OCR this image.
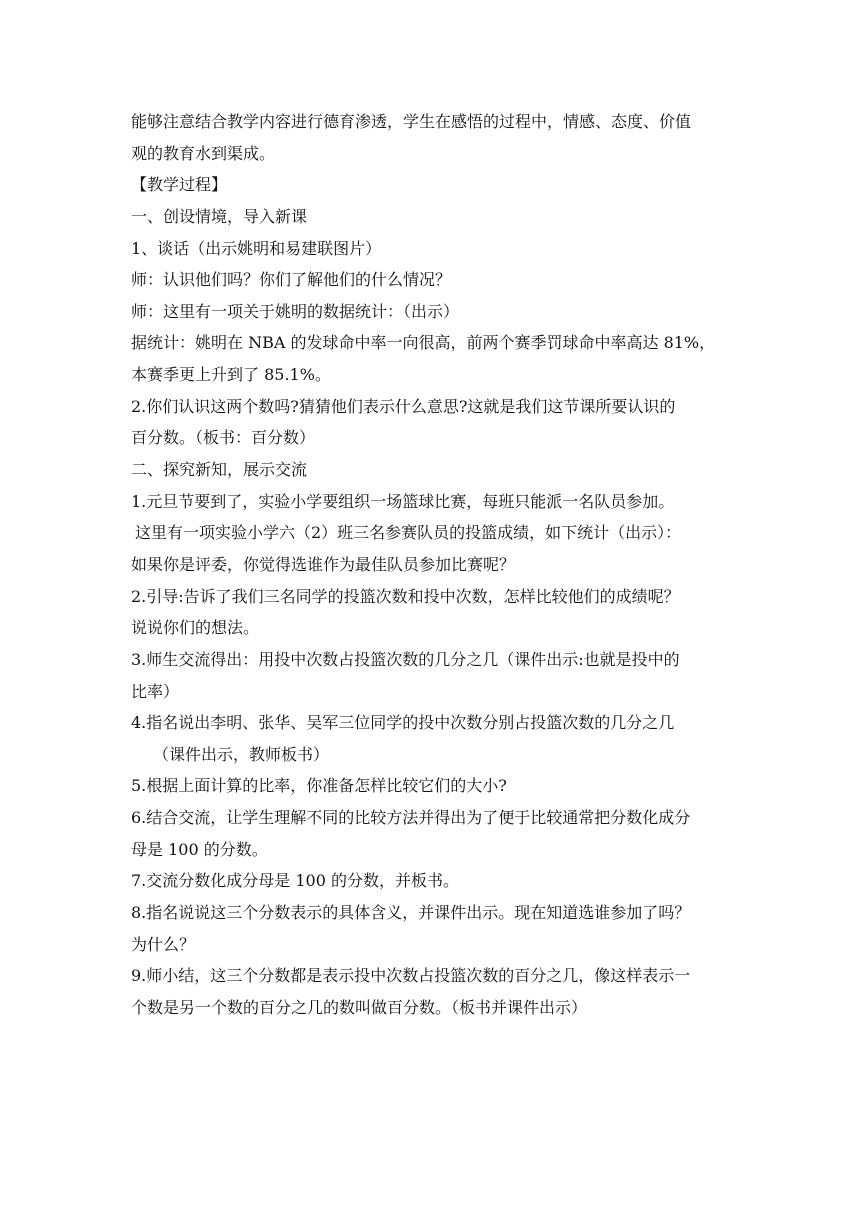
能够注意结合教学内容进行德育渗透，学生在感悟的过程中，情感、态度、价值
观的教育水到渠成。
【教学过程】
一、创设情境，导入新课
1、谈话（出示姚明和易建联图片）
师：认识他们吗？你们了解他们的什么情况？
师：这里有一项关于姚明的数据统计：（出示）
据统计：姚明在 NBA 的发球命中率一向很高，前两个赛季罚球命中率高达 81%，
本赛季更上升到了 85.1%。
2.你们认识这两个数吗?猜猜他们表示什么意思?这就是我们这节课所要认识的
百分数。（板书：百分数）
二、探究新知，展示交流
1.元旦节要到了，实验小学要组织一场篮球比赛，每班只能派一名队员参加。
这里有一项实验小学六（2）班三名参赛队员的投篮成绩，如下统计（出示）：
如果你是评委，你觉得选谁作为最佳队员参加比赛呢？
2.引导:告诉了我们三名同学的投篮次数和投中次数，怎样比较他们的成绩呢？
说说你们的想法。
3.师生交流得出：用投中次数占投篮次数的几分之几（课件出示:也就是投中的
比率）
4.指名说出李明、张华、吴军三位同学的投中次数分别占投篮次数的几分之几
（课件出示，教师板书）
5.根据上面计算的比率，你准备怎样比较它们的大小?
6.结合交流，让学生理解不同的比较方法并得出为了便于比较通常把分数化成分
母是 100 的分数。
7.交流分数化成分母是 100 的分数，并板书。
8.指名说说这三个分数表示的具体含义，并课件出示。现在知道选谁参加了吗？
为什么？
9.师小结，这三个分数都是表示投中次数占投篮次数的百分之几，像这样表示一
个数是另一个数的百分之几的数叫做百分数。（板书并课件出示）
